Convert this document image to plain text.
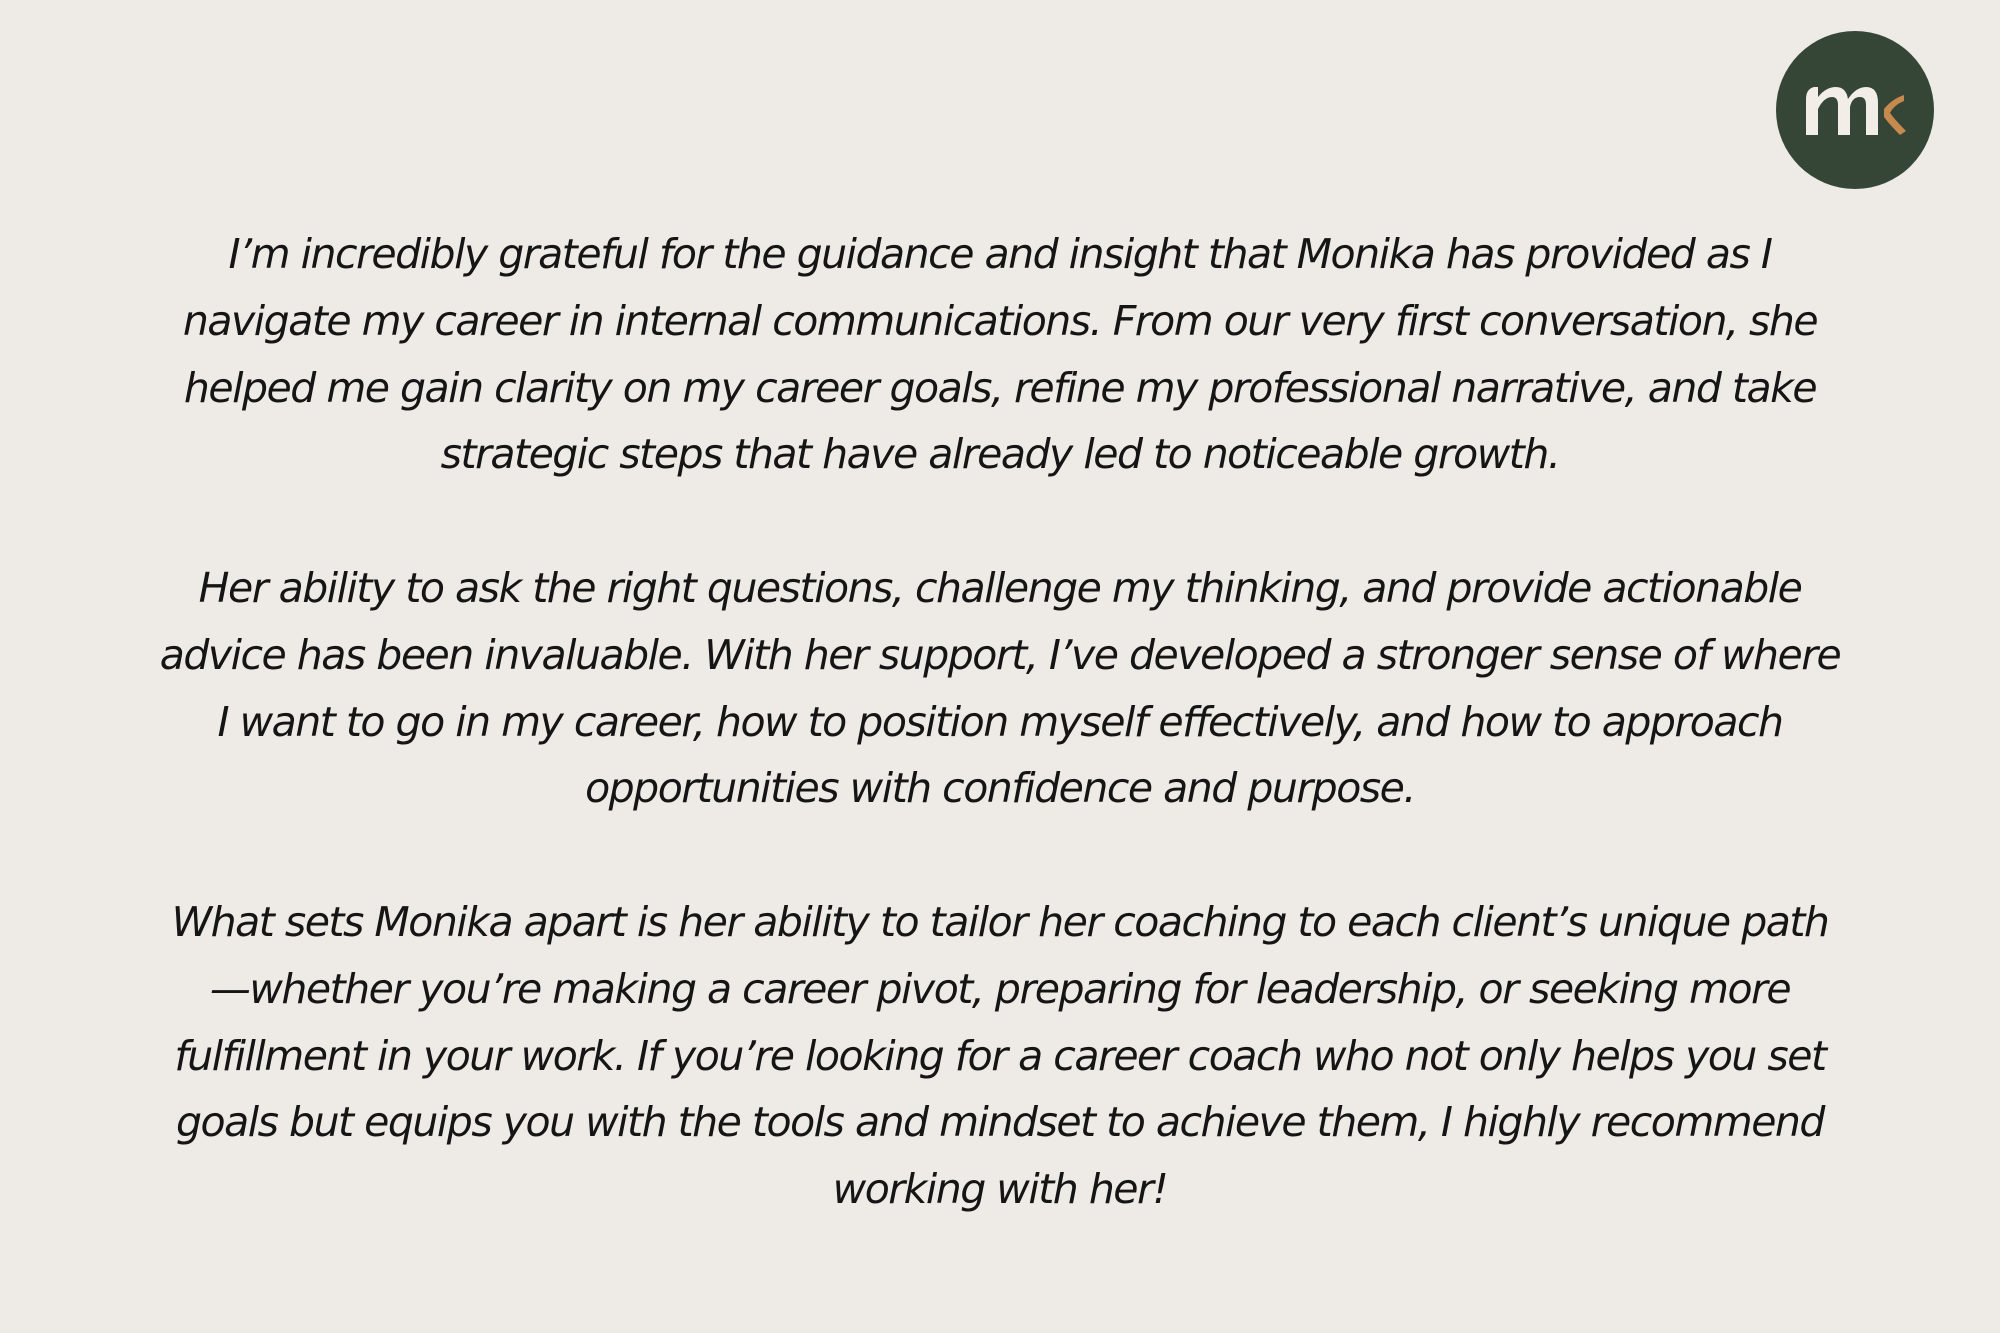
I’m incredibly grateful for the guidance and insight that Monika has provided as I
navigate my career in internal communications. From our very first conversation, she
helped me gain clarity on my career goals, refine my professional narrative, and take
strategic steps that have already led to noticeable growth.

Her ability to ask the right questions, challenge my thinking, and provide actionable
advice has been invaluable. With her support, I’ve developed a stronger sense of where
I want to go in my career, how to position myself effectively, and how to approach
opportunities with confidence and purpose.

What sets Monika apart is her ability to tailor her coaching to each client’s unique path
—whether you’re making a career pivot, preparing for leadership, or seeking more
fulfillment in your work. If you’re looking for a career coach who not only helps you set
goals but equips you with the tools and mindset to achieve them, I highly recommend
working with her!
